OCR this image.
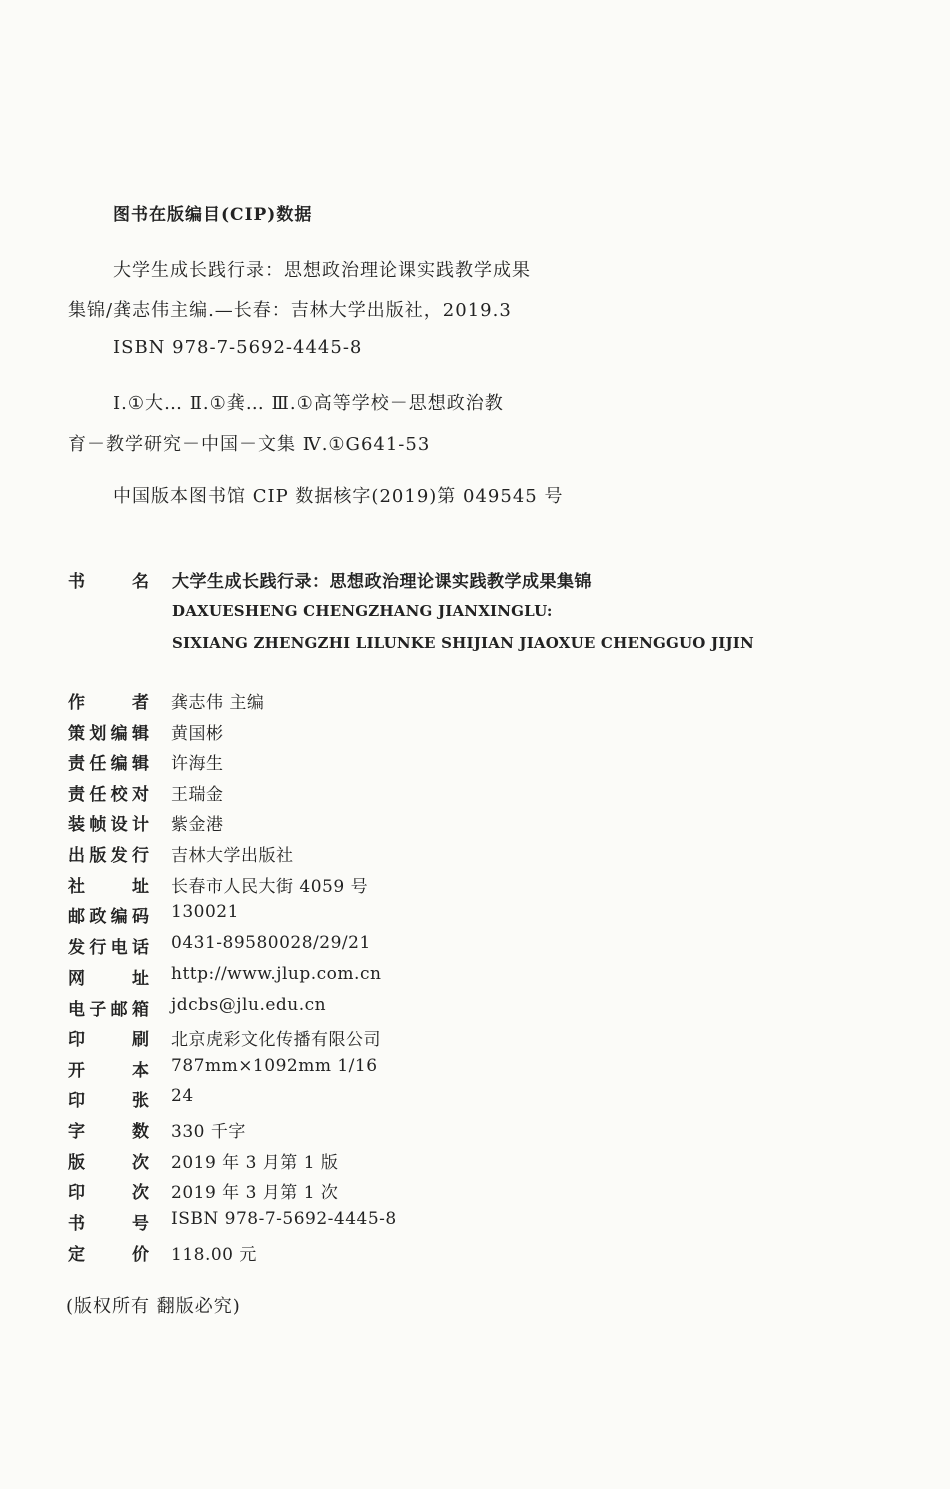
图书在版编目(CIP)数据
大学生成长践行录：思想政治理论课实践教学成果
集锦/龚志伟主编.—长春：吉林大学出版社，2019.3
ISBN 978-7-5692-4445-8
Ⅰ.①大… Ⅱ.①龚… Ⅲ.①高等学校－思想政治教
育－教学研究－中国－文集 Ⅳ.①G641-53
中国版本图书馆 CIP 数据核字(2019)第 049545 号
书 名 大学生成长践行录：思想政治理论课实践教学成果集锦
DAXUESHENG CHENGZHANG JIANXINGLU:
SIXIANG ZHENGZHI LILUNKE SHIJIAN JIAOXUE CHENGGUO JIJIN
作者 龚志伟 主编
策划编辑 黄国彬
责任编辑 许海生
责任校对 王瑞金
装帧设计 紫金港
出版发行 吉林大学出版社
社址 长春市人民大街 4059 号
邮政编码 130021
发行电话 0431-89580028/29/21
网址 http://www.jlup.com.cn
电子邮箱 jdcbs@jlu.edu.cn
印刷 北京虎彩文化传播有限公司
开本 787mm×1092mm 1/16
印张 24
字数 330 千字
版次 2019 年 3 月第 1 版
印次 2019 年 3 月第 1 次
书号 ISBN 978-7-5692-4445-8
定价 118.00 元
(版权所有 翻版必究)
